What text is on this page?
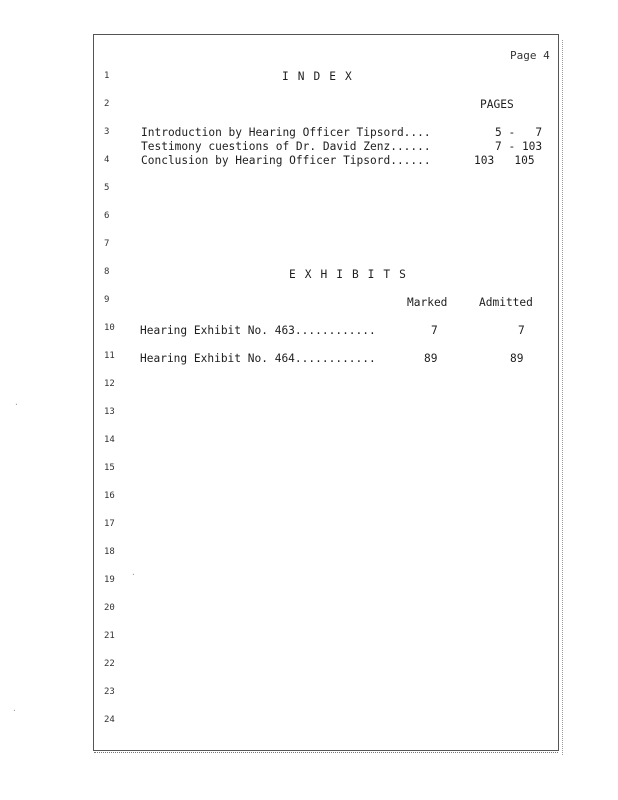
Page 4
1
2
3
4
5
6
7
8
9
10
11
12
13
14
15
16
17
18
19
20
21
22
23
24
INDEX
PAGES
Introduction by Hearing Officer Tipsord....	5 -   7
Testimony cuestions of Dr. David Zenz......	7 - 103
Conclusion by Hearing Officer Tipsord......	103   105
EXHIBITS
Marked	Admitted
Hearing Exhibit No. 463............	7	7
Hearing Exhibit No. 464............	89	89
·
·
·
